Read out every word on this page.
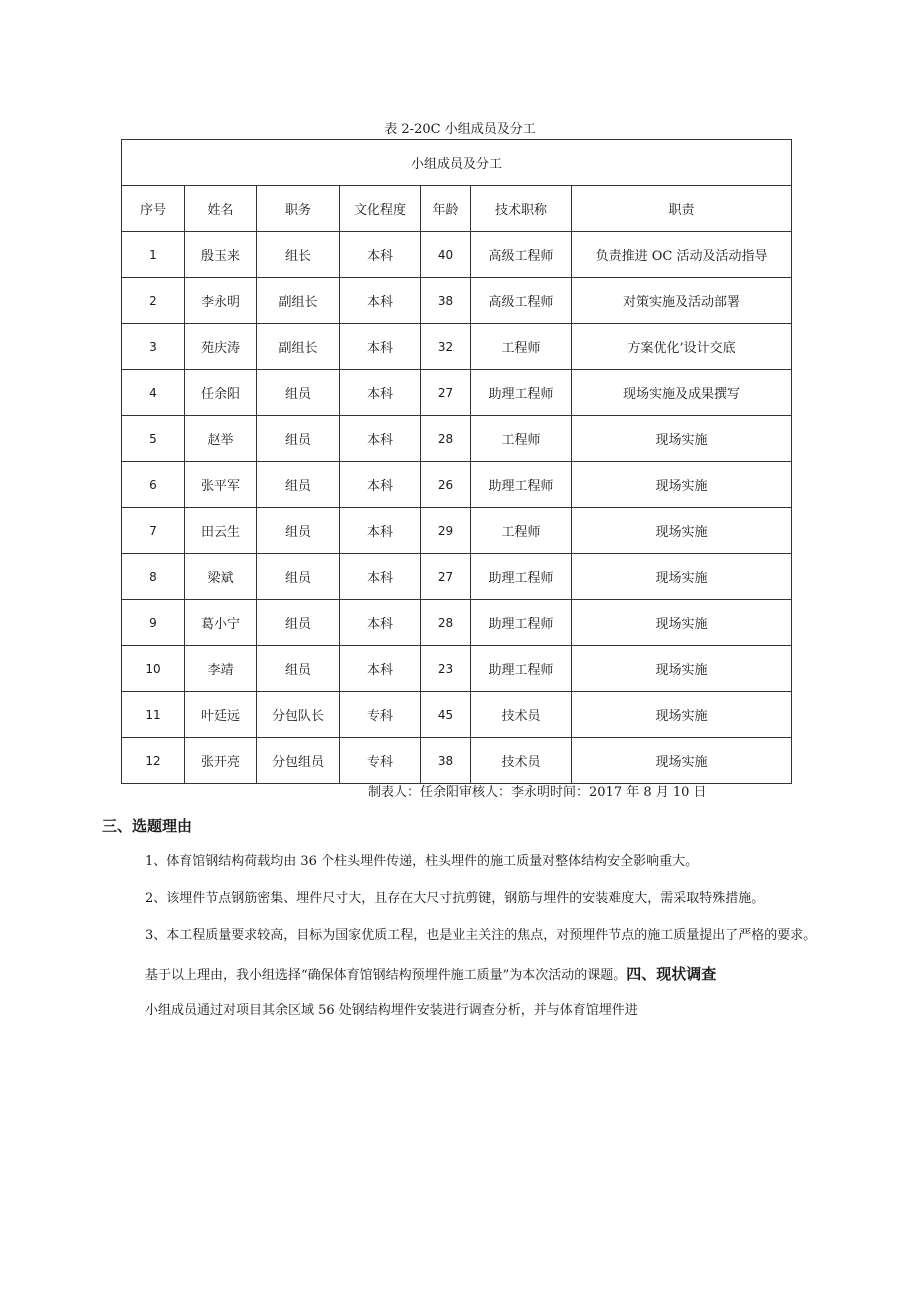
表 2-20C 小组成员及分工
小组成员及分工						
序号	姓名	职务	文化程度	年龄	技术职称	职责
1	殷玉来	组长	本科	40	高级工程师	负责推进 OC 活动及活动指导
2	李永明	副组长	本科	38	高级工程师	对策实施及活动部署
3	苑庆涛	副组长	本科	32	工程师	方案优化’设计交底
4	任余阳	组员	本科	27	助理工程师	现场实施及成果撰写
5	赵举	组员	本科	28	工程师	现场实施
6	张平军	组员	本科	26	助理工程师	现场实施
7	田云生	组员	本科	29	工程师	现场实施
8	梁斌	组员	本科	27	助理工程师	现场实施
9	葛小宁	组员	本科	28	助理工程师	现场实施
10	李靖	组员	本科	23	助理工程师	现场实施
11	叶廷远	分包队长	专科	45	技术员	现场实施
12	张开亮	分包组员	专科	38	技术员	现场实施
制表人：任余阳审核人：李永明时间：2017 年 8 月 10 日
三、选题理由
1、体育馆钢结构荷载均由 36 个柱头埋件传递，柱头埋件的施工质量对整体结构安全影响重大。
2、该埋件节点钢筋密集、埋件尺寸大，且存在大尺寸抗剪键，钢筋与埋件的安装难度大，需采取特殊措施。
3、本工程质量要求较高，目标为国家优质工程，也是业主关注的焦点，对预埋件节点的施工质量提出了严格的要求。
基于以上理由，我小组选择“确保体育馆钢结构预埋件施工质量”为本次活动的课题。四、现状调查
小组成员通过对项目其余区域 56 处钢结构埋件安装进行调查分析，并与体育馆埋件进
